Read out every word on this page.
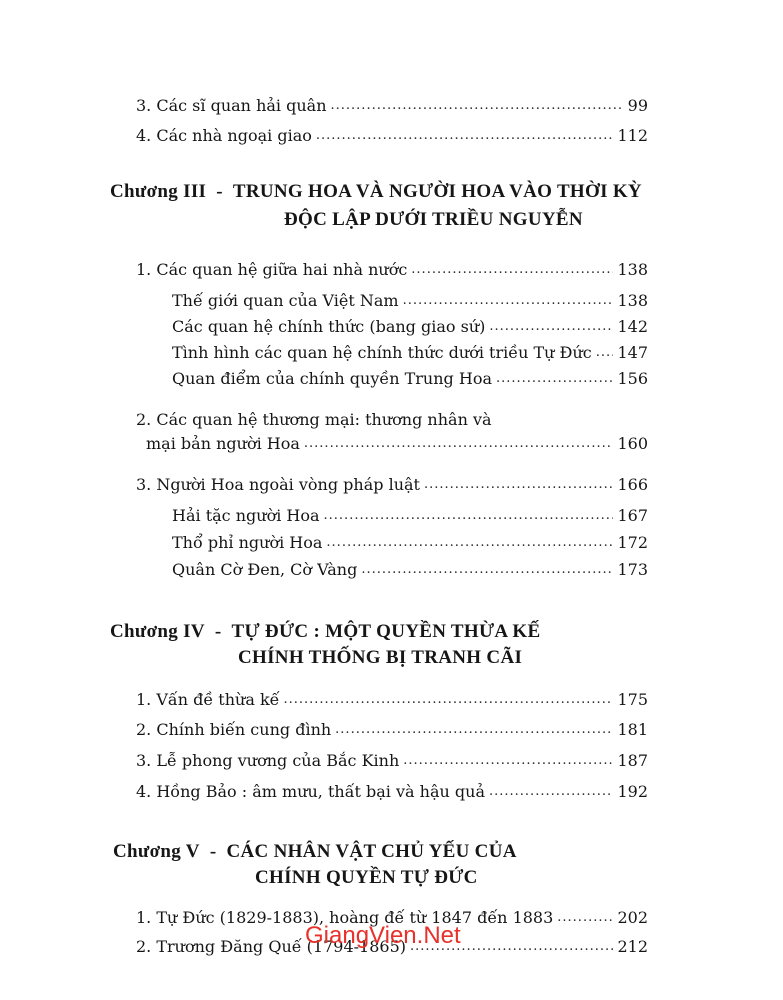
3. Các sĩ quan hải quân .....	99
4. Các nhà ngoại giao .....	112
Chương III - TRUNG HOA VÀ NGƯỜI HOA VÀO THỜI KỲ
ĐỘC LẬP DƯỚI TRIỀU NGUYỄN
1. Các quan hệ giữa hai nhà nước .....	138
Thế giới quan của Việt Nam .....	138
Các quan hệ chính thức (bang giao sứ) .....	142
Tình hình các quan hệ chính thức dưới triều Tự Đức ..... 147
Quan điểm của chính quyền Trung Hoa .....	156
2. Các quan hệ thương mại: thương nhân và
mại bản người Hoa .....	160
3. Người Hoa ngoài vòng pháp luật .....	166
Hải tặc người Hoa .....	167
Thổ phỉ người Hoa .....	172
Quân Cờ Đen, Cờ Vàng .....	173
Chương IV - TỰ ĐỨC : MỘT QUYỀN THỪA KẾ
CHÍNH THỐNG BỊ TRANH CÃI
1. Vấn đề thừa kế .....	175
2. Chính biến cung đình .....	181
3. Lễ phong vương của Bắc Kinh .....	187
4. Hồng Bảo : âm mưu, thất bại và hậu quả .....	192
Chương V - CÁC NHÂN VẬT CHỦ YẾU CỦA
CHÍNH QUYỀN TỰ ĐỨC
1. Tự Đức (1829-1883), hoàng đế từ 1847 đến 1883 .....	202
2. Trương Đăng Quế (1794-1865) .....	212
GiangVien.Net
